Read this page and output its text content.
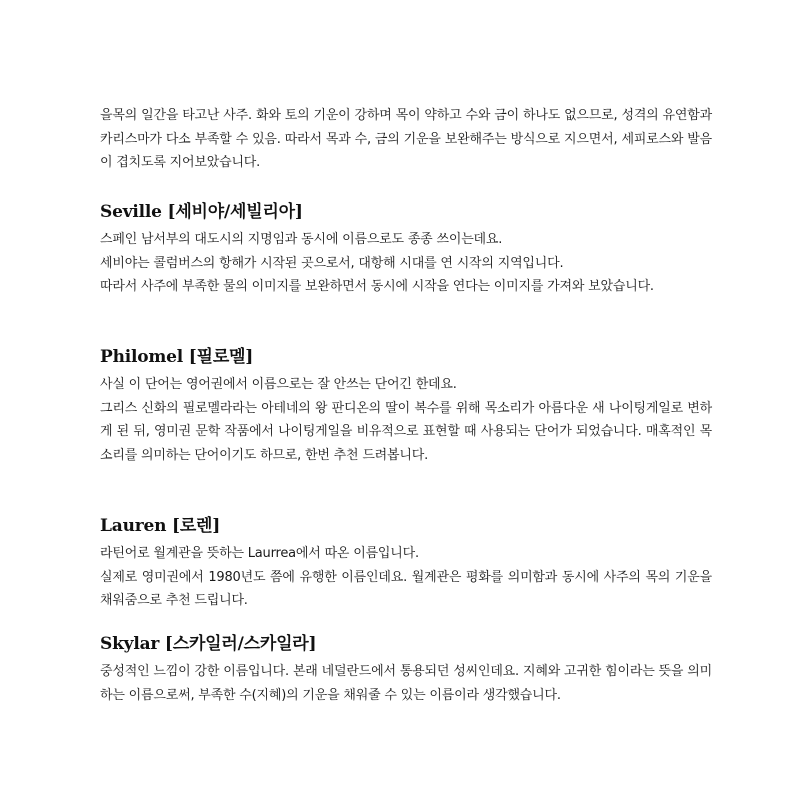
을목의 일간을 타고난 사주. 화와 토의 기운이 강하며 목이 약하고 수와 금이 하나도 없으므로, 성격의 유연함과 카리스마가 다소 부족할 수 있음. 따라서 목과 수, 금의 기운을 보완해주는 방식으로 지으면서, 세피로스와 발음이 겹치도록 지어보았습니다.

Seville [세비야/세빌리아]

스페인 남서부의 대도시의 지명임과 동시에 이름으로도 종종 쓰이는데요.

세비야는 콜럼버스의 항해가 시작된 곳으로서, 대항해 시대를 연 시작의 지역입니다.

따라서 사주에 부족한 물의 이미지를 보완하면서 동시에 시작을 연다는 이미지를 가져와 보았습니다.

Philomel [필로멜]

사실 이 단어는 영어권에서 이름으로는 잘 안쓰는 단어긴 한데요.

그리스 신화의 필로멜라라는 아테네의 왕 판디온의 딸이 복수를 위해 목소리가 아름다운 새 나이팅게일로 변하게 된 뒤, 영미권 문학 작품에서 나이팅게일을 비유적으로 표현할 때 사용되는 단어가 되었습니다. 매혹적인 목소리를 의미하는 단어이기도 하므로, 한번 추천 드려봅니다.

Lauren [로렌]

라틴어로 월계관을 뜻하는 Laurrea에서 따온 이름입니다.

실제로 영미권에서 1980년도 쯤에 유행한 이름인데요. 월계관은 평화를 의미함과 동시에 사주의 목의 기운을 채워줌으로 추천 드립니다.

Skylar [스카일러/스카일라]

중성적인 느낌이 강한 이름입니다. 본래 네덜란드에서 통용되던 성씨인데요. 지혜와 고귀한 힘이라는 뜻을 의미하는 이름으로써, 부족한 수(지혜)의 기운을 채워줄 수 있는 이름이라 생각했습니다.
